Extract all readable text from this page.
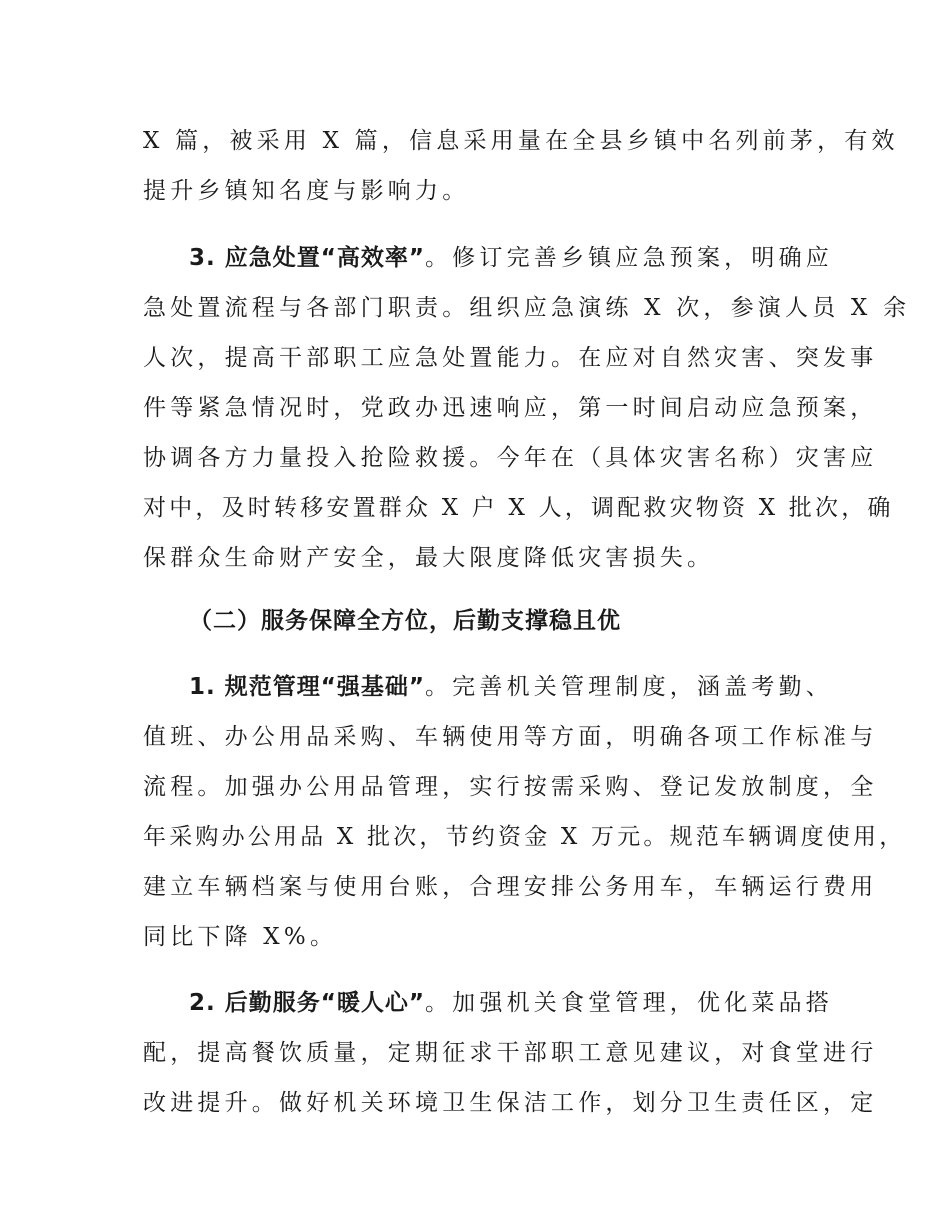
X 篇，被采用 X 篇，信息采用量在全县乡镇中名列前茅，有效
提升乡镇知名度与影响力。
3. 应急处置“高效率”。修订完善乡镇应急预案，明确应
急处置流程与各部门职责。组织应急演练 X 次，参演人员 X 余
人次，提高干部职工应急处置能力。在应对自然灾害、突发事
件等紧急情况时，党政办迅速响应，第一时间启动应急预案，
协调各方力量投入抢险救援。今年在（具体灾害名称）灾害应
对中，及时转移安置群众 X 户 X 人，调配救灾物资 X 批次，确
保群众生命财产安全，最大限度降低灾害损失。
（二）服务保障全方位，后勤支撑稳且优
1. 规范管理“强基础”。完善机关管理制度，涵盖考勤、
值班、办公用品采购、车辆使用等方面，明确各项工作标准与
流程。加强办公用品管理，实行按需采购、登记发放制度，全
年采购办公用品 X 批次，节约资金 X 万元。规范车辆调度使用，
建立车辆档案与使用台账，合理安排公务用车，车辆运行费用
同比下降 X%。
2. 后勤服务“暖人心”。加强机关食堂管理，优化菜品搭
配，提高餐饮质量，定期征求干部职工意见建议，对食堂进行
改进提升。做好机关环境卫生保洁工作，划分卫生责任区，定
